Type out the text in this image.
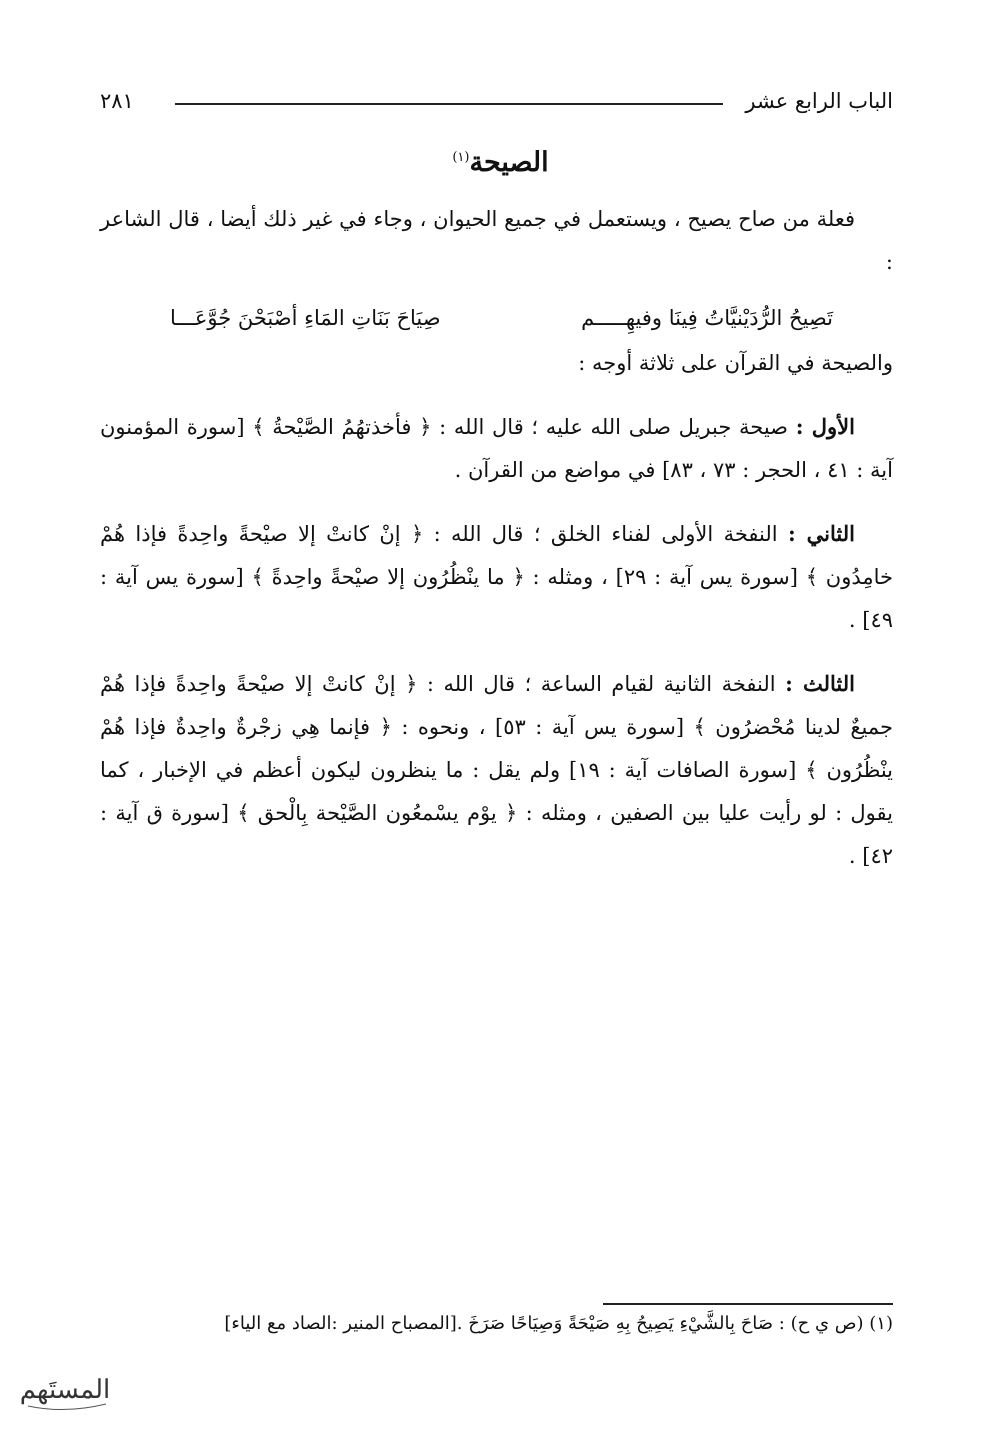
الباب الرابع عشر
٢٨١
الصيحة$^{(١)}$

فعلة من صاح يصيح ، ويستعمل في جميع الحيوان ، وجاء في غير ذلك أيضا ، قال الشاعر :

تَصِيحُ الرُّدَيْنيَّاتُ فِينَا وفيهِـــــم
صِيَاحَ بَنَاتِ المَاءِ أصْبَحْنَ جُوَّعَـــا

والصيحة في القرآن على ثلاثة أوجه :

الأول : صيحة جبريل صلى الله عليه ؛ قال الله : ﴿ فأخذتهُمُ الصَّيْحةُ ﴾ [سورة المؤمنون آية : ٤١ ، الحجر : ٧٣ ، ٨٣] في مواضع من القرآن .

الثاني : النفخة الأولى لفناء الخلق ؛ قال الله : ﴿ إنْ كانتْ إلا صيْحةً واحِدةً فإذا هُمْ خامِدُون ﴾ [سورة يس آية : ٢٩] ، ومثله : ﴿ ما ينْظُرُون إلا صيْحةً واحِدةً ﴾ [سورة يس آية : ٤٩] .

الثالث : النفخة الثانية لقيام الساعة ؛ قال الله : ﴿ إنْ كانتْ إلا صيْحةً واحِدةً فإذا هُمْ جميعٌ لدينا مُحْضرُون ﴾ [سورة يس آية : ٥٣] ، ونحوه : ﴿ فإنما هِي زجْرةٌ واحِدةٌ فإذا هُمْ ينْظُرُون ﴾ [سورة الصافات آية : ١٩] ولم يقل : ما ينظرون ليكون أعظم في الإخبار ، كما يقول : لو رأيت عليا بين الصفين ، ومثله : ﴿ يوْم يسْمعُون الصَّيْحة بِالْحق ﴾ [سورة ق آية : ٤٢] .

(١) (ص ي ح) : صَاحَ بِالشَّيْءِ يَصِيحُ بِهِ صَيْحَةً وَصِيَاحًا صَرَخَ .[المصباح المنير :الصاد مع الياء]
المستَهم
